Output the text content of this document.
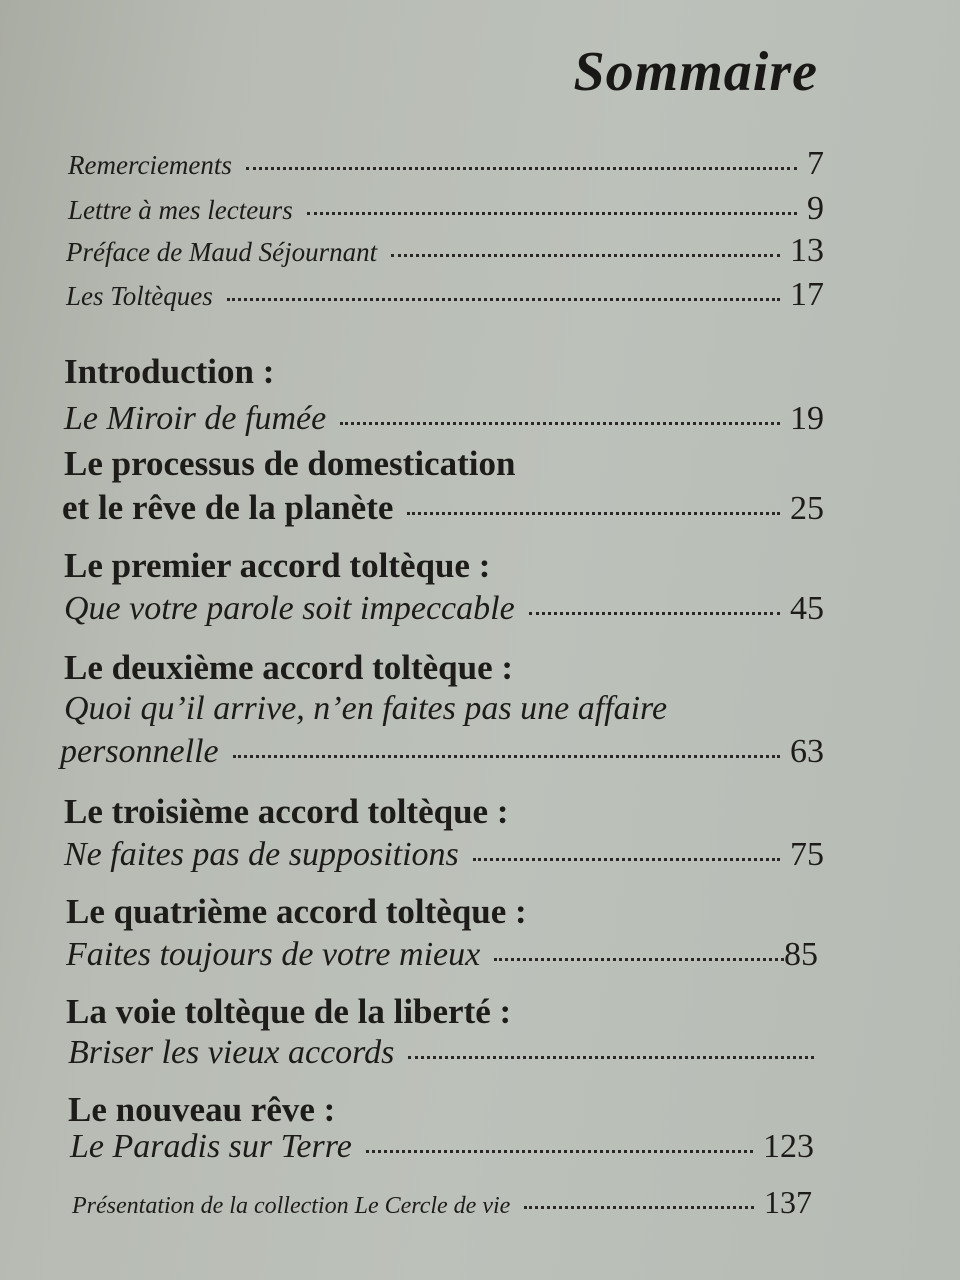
Sommaire
Remerciements	7
Lettre à mes lecteurs	9
Préface de Maud Séjournant	13
Les Toltèques	17
Introduction :
Le Miroir de fumée	19
Le processus de domestication
et le rêve de la planète	25
Le premier accord toltèque :
Que votre parole soit impeccable	45
Le deuxième accord toltèque :
Quoi qu’il arrive, n’en faites pas une affaire
personnelle	63
Le troisième accord toltèque :
Ne faites pas de suppositions	75
Le quatrième accord toltèque :
Faites toujours de votre mieux	85
La voie toltèque de la liberté :
Briser les vieux accords
Le nouveau rêve :
Le Paradis sur Terre	123
Présentation de la collection Le Cercle de vie	137
